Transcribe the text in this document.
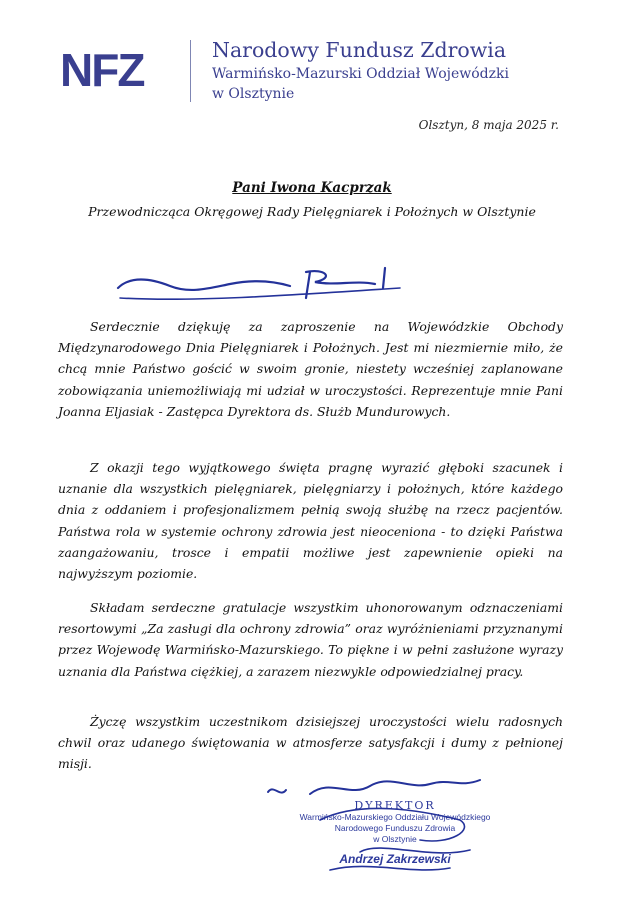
NFZ	Narodowy Fundusz Zdrowia
Warmińsko-Mazurski Oddział Wojewódzki
w Olsztynie
Olsztyn, 8 maja 2025 r.
Pani Iwona Kacprzak
Przewodnicząca Okręgowej Rady Pielęgniarek i Położnych w Olsztynie

Serdecznie dziękuję za zaproszenie na Wojewódzkie Obchody Międzynarodowego Dnia Pielęgniarek i Położnych. Jest mi niezmiernie miło, że chcą mnie Państwo gościć w swoim gronie, niestety wcześniej zaplanowane zobowiązania uniemożliwiają mi udział w uroczystości. Reprezentuje mnie Pani Joanna Eljasiak - Zastępca Dyrektora ds. Służb Mundurowych.

Z okazji tego wyjątkowego święta pragnę wyrazić głęboki szacunek i uznanie dla wszystkich pielęgniarek, pielęgniarzy i położnych, które każdego dnia z oddaniem i profesjonalizmem pełnią swoją służbę na rzecz pacjentów. Państwa rola w systemie ochrony zdrowia jest nieoceniona - to dzięki Państwa zaangażowaniu, trosce i empatii możliwe jest zapewnienie opieki na najwyższym poziomie.

Składam serdeczne gratulacje wszystkim uhonorowanym odznaczeniami resortowymi „Za zasługi dla ochrony zdrowia” oraz wyróżnieniami przyznanymi przez Wojewodę Warmińsko-Mazurskiego. To piękne i w pełni zasłużone wyrazy uznania dla Państwa ciężkiej, a zarazem niezwykle odpowiedzialnej pracy.

Życzę wszystkim uczestnikom dzisiejszej uroczystości wielu radosnych chwil oraz udanego świętowania w atmosferze satysfakcji i dumy z pełnionej misji.

DYREKTOR
Warmińsko-Mazurskiego Oddziału Wojewódzkiego
Narodowego Funduszu Zdrowia
w Olsztynie
Andrzej Zakrzewski
